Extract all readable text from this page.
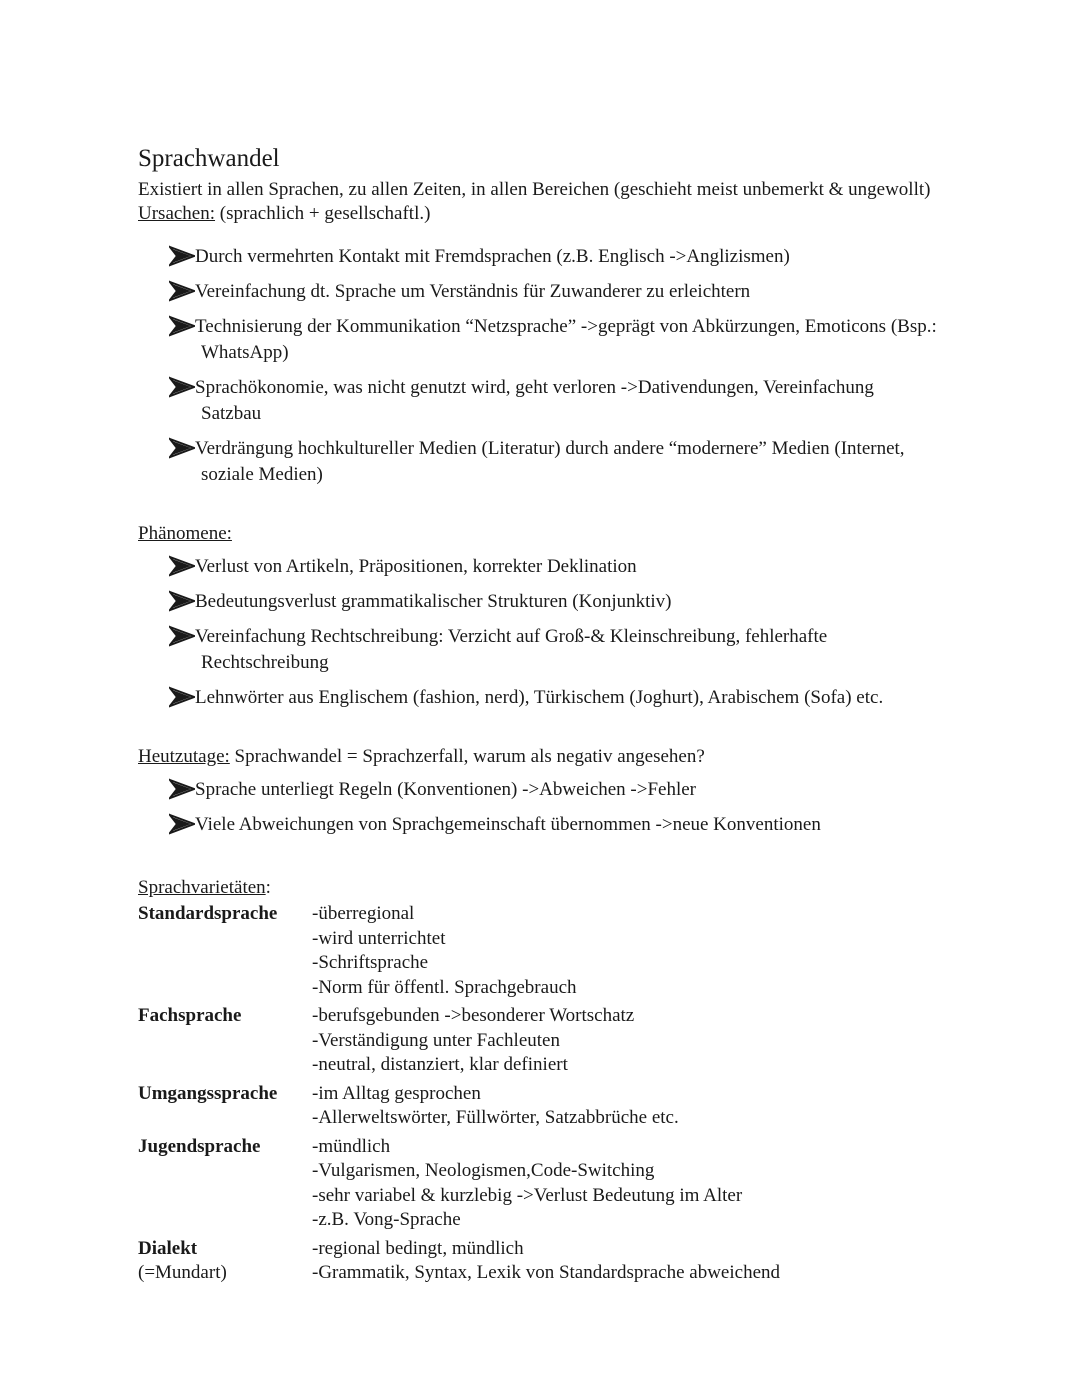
Sprachwandel

Existiert in allen Sprachen, zu allen Zeiten, in allen Bereichen (geschieht meist unbemerkt & ungewollt)

Ursachen: (sprachlich + gesellschaftl.)

Durch vermehrten Kontakt mit Fremdsprachen (z.B. Englisch ->Anglizismen)
Vereinfachung dt. Sprache um Verständnis für Zuwanderer zu erleichtern
Technisierung der Kommunikation “Netzsprache” ->geprägt von Abkürzungen, Emoticons (Bsp.: WhatsApp)
Sprachökonomie, was nicht genutzt wird, geht verloren ->Dativendungen, Vereinfachung Satzbau
Verdrängung hochkultureller Medien (Literatur) durch andere “modernere” Medien (Internet, soziale Medien)

Phänomene:

Verlust von Artikeln, Präpositionen, korrekter Deklination
Bedeutungsverlust grammatikalischer Strukturen (Konjunktiv)
Vereinfachung Rechtschreibung: Verzicht auf Groß-& Kleinschreibung, fehlerhafte Rechtschreibung
Lehnwörter aus Englischem (fashion, nerd), Türkischem (Joghurt), Arabischem (Sofa) etc.

Heutzutage: Sprachwandel = Sprachzerfall, warum als negativ angesehen?

Sprache unterliegt Regeln (Konventionen) ->Abweichen ->Fehler
Viele Abweichungen von Sprachgemeinschaft übernommen ->neue Konventionen

Sprachvarietäten:

Standardsprache	-überregional
-wird unterrichtet
-Schriftsprache
-Norm für öffentl. Sprachgebrauch

Fachsprache	-berufsgebunden ->besonderer Wortschatz
-Verständigung unter Fachleuten
-neutral, distanziert, klar definiert

Umgangssprache	-im Alltag gesprochen
-Allerweltswörter, Füllwörter, Satzabbrüche etc.

Jugendsprache	-mündlich
-Vulgarismen, Neologismen,Code-Switching
-sehr variabel & kurzlebig ->Verlust Bedeutung im Alter
-z.B. Vong-Sprache

Dialekt
(=Mundart)	-regional bedingt, mündlich
-Grammatik, Syntax, Lexik von Standardsprache abweichend
